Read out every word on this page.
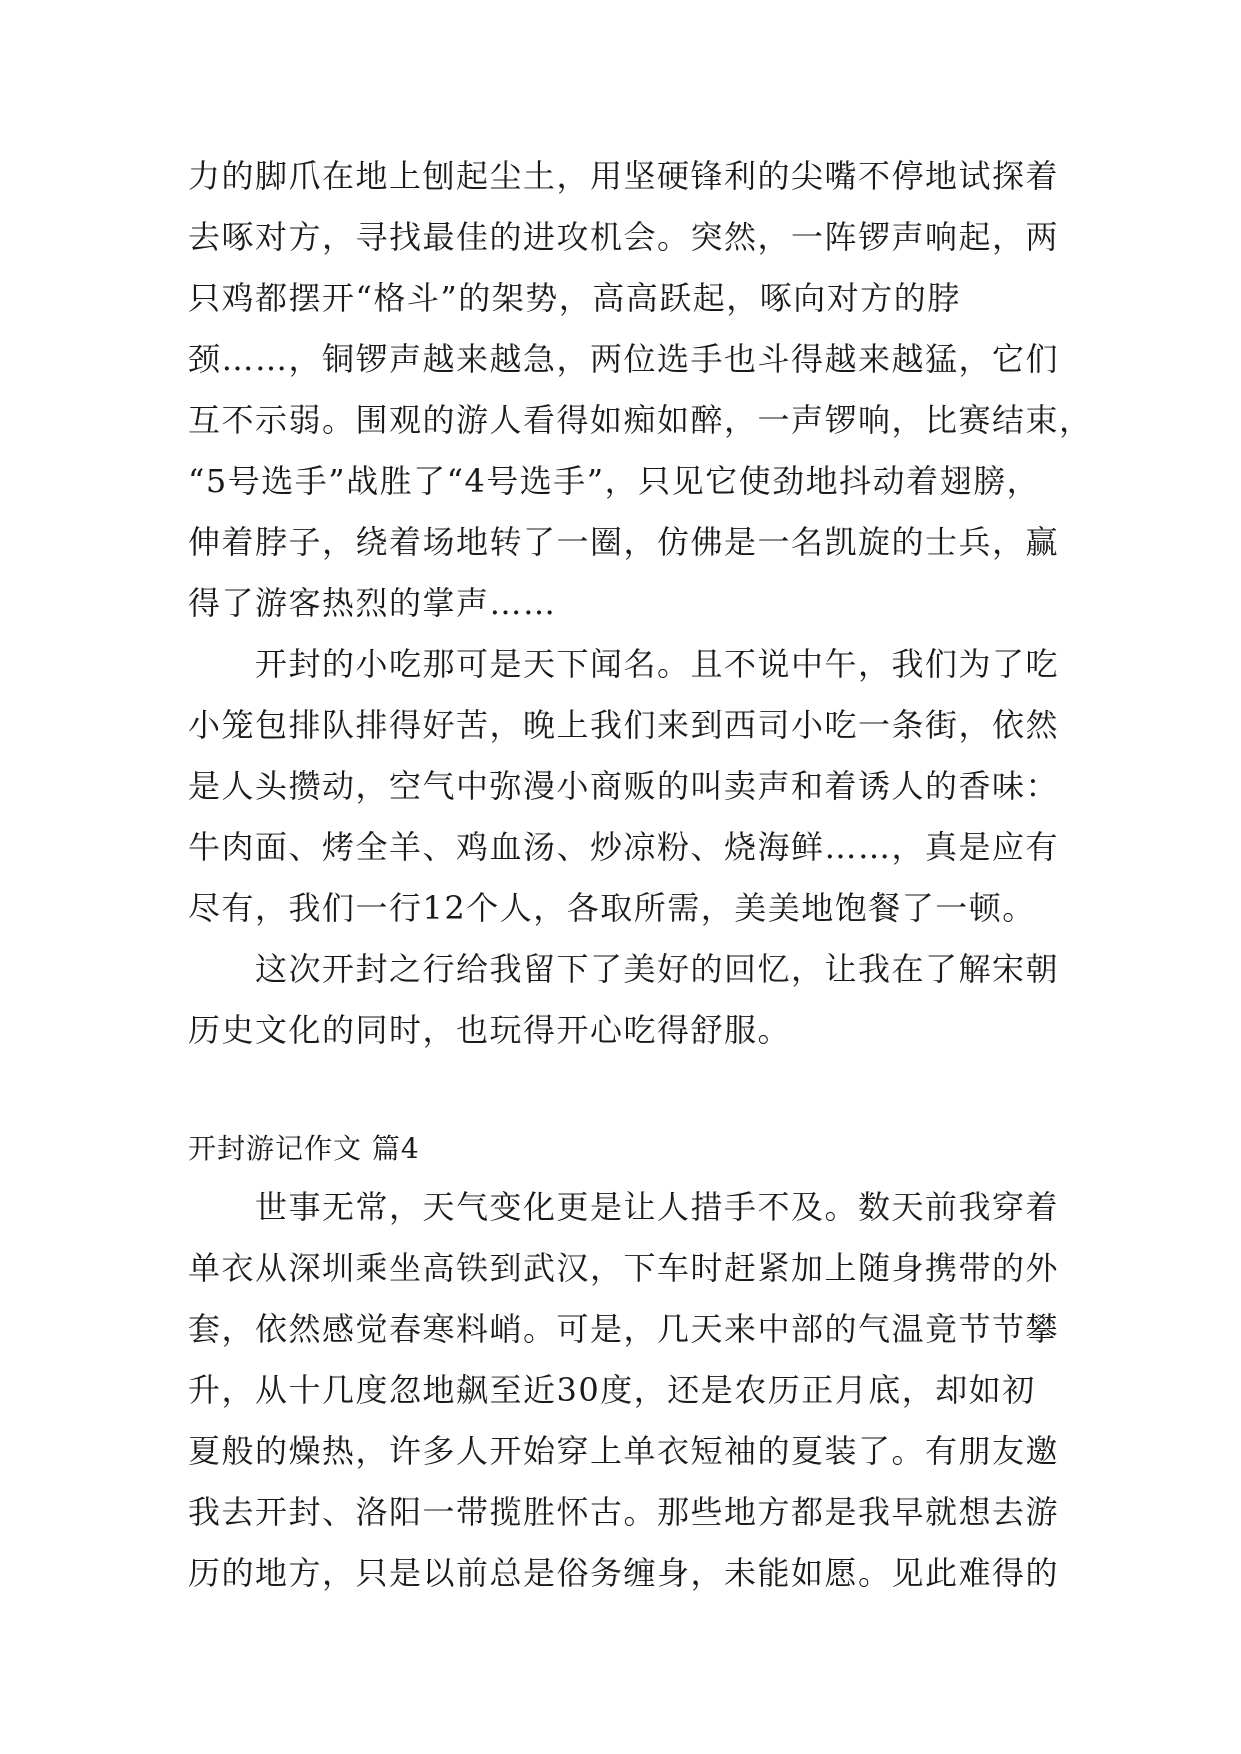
力的脚爪在地上刨起尘土，用坚硬锋利的尖嘴不停地试探着
去啄对方，寻找最佳的进攻机会。突然，一阵锣声响起，两
只鸡都摆开“格斗”的架势，高高跃起，啄向对方的脖
颈……，铜锣声越来越急，两位选手也斗得越来越猛，它们
互不示弱。围观的游人看得如痴如醉，一声锣响，比赛结束，
“5号选手”战胜了“4号选手”，只见它使劲地抖动着翅膀，
伸着脖子，绕着场地转了一圈，仿佛是一名凯旋的士兵，赢
得了游客热烈的掌声……
　　开封的小吃那可是天下闻名。且不说中午，我们为了吃
小笼包排队排得好苦，晚上我们来到西司小吃一条街，依然
是人头攒动，空气中弥漫小商贩的叫卖声和着诱人的香味：
牛肉面、烤全羊、鸡血汤、炒凉粉、烧海鲜……，真是应有
尽有，我们一行12个人，各取所需，美美地饱餐了一顿。
　　这次开封之行给我留下了美好的回忆，让我在了解宋朝
历史文化的同时，也玩得开心吃得舒服。
开封游记作文 篇4
　　世事无常，天气变化更是让人措手不及。数天前我穿着
单衣从深圳乘坐高铁到武汉，下车时赶紧加上随身携带的外
套，依然感觉春寒料峭。可是，几天来中部的气温竟节节攀
升，从十几度忽地飙至近30度，还是农历正月底，却如初
夏般的燥热，许多人开始穿上单衣短袖的夏装了。有朋友邀
我去开封、洛阳一带揽胜怀古。那些地方都是我早就想去游
历的地方，只是以前总是俗务缠身，未能如愿。见此难得的
